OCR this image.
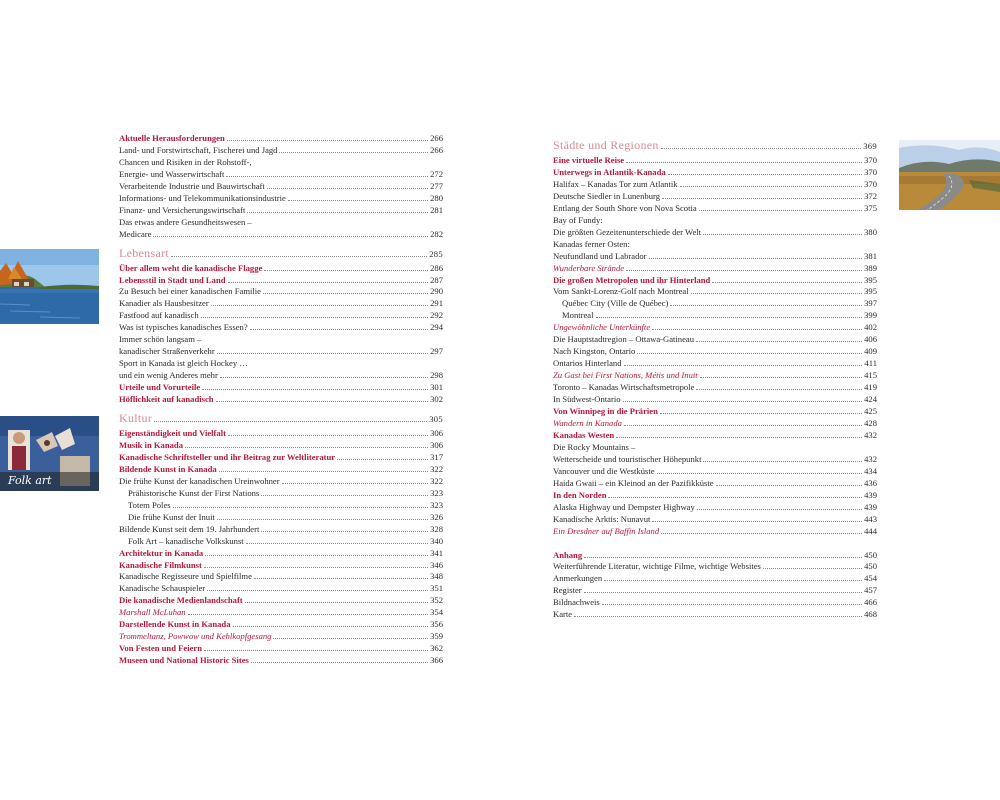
Aktuelle Herausforderungen	266
Land- und Forstwirtschaft, Fischerei und Jagd	266
Chancen und Risiken in der Rohstoff-,
Energie- und Wasserwirtschaft	272
Verarbeitende Industrie und Bauwirtschaft	277
Informations- und Telekommunikationsindustrie	280
Finanz- und Versicherungswirtschaft	281
Das etwas andere Gesundheitswesen –
Medicare	282
Lebensart	285
Über allem weht die kanadische Flagge	286
Lebensstil in Stadt und Land	287
Zu Besuch bei einer kanadischen Familie	290
Kanadier als Hausbesitzer	291
Fastfood auf kanadisch	292
Was ist typisches kanadisches Essen?	294
Immer schön langsam –
kanadischer Straßenverkehr	297
Sport in Kanada ist gleich Hockey …
und ein wenig Anderes mehr	298
Urteile und Vorurteile	301
Höflichkeit auf kanadisch	302
Kultur	305
Eigenständigkeit und Vielfalt	306
Musik in Kanada	306
Kanadische Schriftsteller und ihr Beitrag zur Weltliteratur	317
Bildende Kunst in Kanada	322
Die frühe Kunst der kanadischen Ureinwohner	322
Prähistorische Kunst der First Nations	323
Totem Poles	323
Die frühe Kunst der Inuit	326
Bildende Kunst seit dem 19. Jahrhundert	328
Folk Art – kanadische Volkskunst	340
Architektur in Kanada	341
Kanadische Filmkunst	346
Kanadische Regisseure und Spielfilme	348
Kanadische Schauspieler	351
Die kanadische Medienlandschaft	352
Marshall McLuhan	354
Darstellende Kunst in Kanada	356
Trommeltanz, Powwow und Kehlkopfgesang	359
Von Festen und Feiern	362
Museen und National Historic Sites	366
Städte und Regionen	369
Eine virtuelle Reise	370
Unterwegs in Atlantik-Kanada	370
Halifax – Kanadas Tor zum Atlantik	370
Deutsche Siedler in Lunenburg	372
Entlang der South Shore von Nova Scotia	375
Bay of Fundy:
Die größten Gezeitenunterschiede der Welt	380
Kanadas ferner Osten:
Neufundland und Labrador	381
Wunderbare Strände	389
Die großen Metropolen und ihr Hinterland	395
Vom Sankt-Lorenz-Golf nach Montreal	395
Québec City (Ville de Québec)	397
Montreal	399
Ungewöhnliche Unterkünfte	402
Die Hauptstadtregion – Ottawa-Gatineau	406
Nach Kingston, Ontario	409
Ontarios Hinterland	411
Zu Gast bei First Nations, Métis und Inuit	415
Toronto – Kanadas Wirtschaftsmetropole	419
In Südwest-Ontario	424
Von Winnipeg in die Prärien	425
Wandern in Kanada	428
Kanadas Westen	432
Die Rocky Mountains –
Wetterscheide und touristischer Höhepunkt	432
Vancouver und die Westküste	434
Haida Gwaii – ein Kleinod an der Pazifikküste	436
In den Norden	439
Alaska Highway und Dempster Highway	439
Kanadische Arktis: Nunavut	443
Ein Dresdner auf Baffin Island	444
Anhang	450
Weiterführende Literatur, wichtige Filme, wichtige Websites	450
Anmerkungen	454
Register	457
Bildnachweis	466
Karte	468
Folk art
